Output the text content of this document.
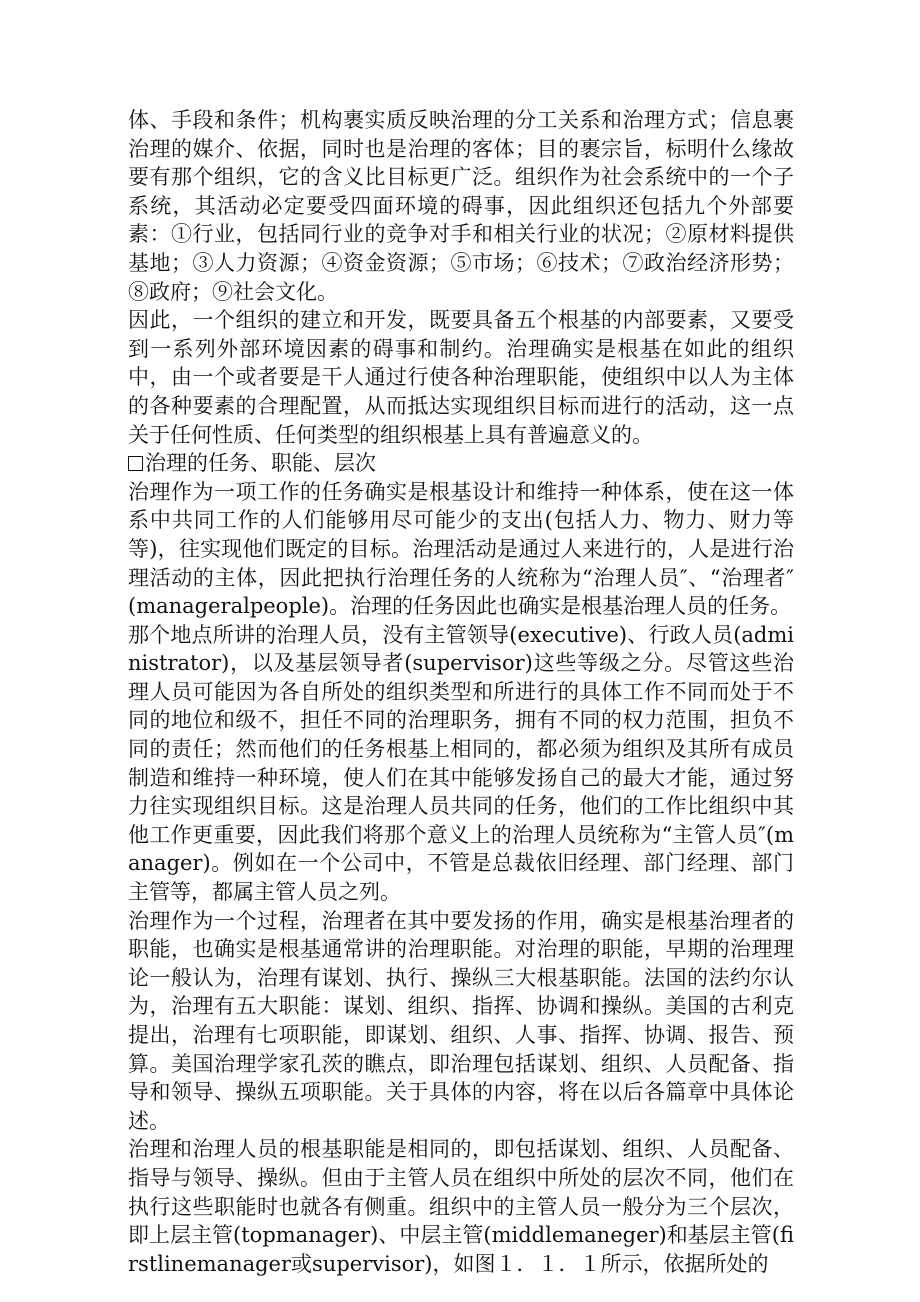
体、手段和条件；机构裹实质反映治理的分工关系和治理方式；信息裹治理的媒介、依据，同时也是治理的客体；目的裹宗旨，标明什么缘故要有那个组织，它的含义比目标更广泛。组织作为社会系统中的一个子系统，其活动必定要受四面环境的碍事，因此组织还包括九个外部要素：①行业，包括同行业的竞争对手和相关行业的状况；②原材料提供基地；③人力资源；④资金资源；⑤市场；⑥技术；⑦政治经济形势；⑧政府；⑨社会文化。

因此，一个组织的建立和开发，既要具备五个根基的内部要素，又要受到一系列外部环境因素的碍事和制约。治理确实是根基在如此的组织中，由一个或者要是干人通过行使各种治理职能，使组织中以人为主体的各种要素的合理配置，从而抵达实现组织目标而进行的活动，这一点关于任何性质、任何类型的组织根基上具有普遍意义的。

治理的任务、职能、层次

治理作为一项工作的任务确实是根基设计和维持一种体系，使在这一体系中共同工作的人们能够用尽可能少的支出(包括人力、物力、财力等等)，往实现他们既定的目标。治理活动是通过人来进行的，人是进行治理活动的主体，因此把执行治理任务的人统称为“治理人员″、“治理者″(manageralpeople)。治理的任务因此也确实是根基治理人员的任务。

那个地点所讲的治理人员，没有主管领导(executive)、行政人员(administrator)，以及基层领导者(supervisor)这些等级之分。尽管这些治理人员可能因为各自所处的组织类型和所进行的具体工作不同而处于不同的地位和级不，担任不同的治理职务，拥有不同的权力范围，担负不同的责任；然而他们的任务根基上相同的，都必须为组织及其所有成员制造和维持一种环境，使人们在其中能够发扬自己的最大才能，通过努力往实现组织目标。这是治理人员共同的任务，他们的工作比组织中其他工作更重要，因此我们将那个意义上的治理人员统称为“主管人员″(manager)。例如在一个公司中，不管是总裁依旧经理、部门经理、部门主管等，都属主管人员之列。

治理作为一个过程，治理者在其中要发扬的作用，确实是根基治理者的职能，也确实是根基通常讲的治理职能。对治理的职能，早期的治理理论一般认为，治理有谋划、执行、操纵三大根基职能。法国的法约尔认为，治理有五大职能：谋划、组织、指挥、协调和操纵。美国的古利克提出，治理有七项职能，即谋划、组织、人事、指挥、协调、报告、预算。美国治理学家孔茨的瞧点，即治理包括谋划、组织、人员配备、指导和领导、操纵五项职能。关于具体的内容，将在以后各篇章中具体论述。

治理和治理人员的根基职能是相同的，即包括谋划、组织、人员配备、指导与领导、操纵。但由于主管人员在组织中所处的层次不同，他们在执行这些职能时也就各有侧重。组织中的主管人员一般分为三个层次，即上层主管(topmanager)、中层主管(middlemaneger)和基层主管(firstlinemanager或supervisor)，如图１．１．１所示，依据所处的
